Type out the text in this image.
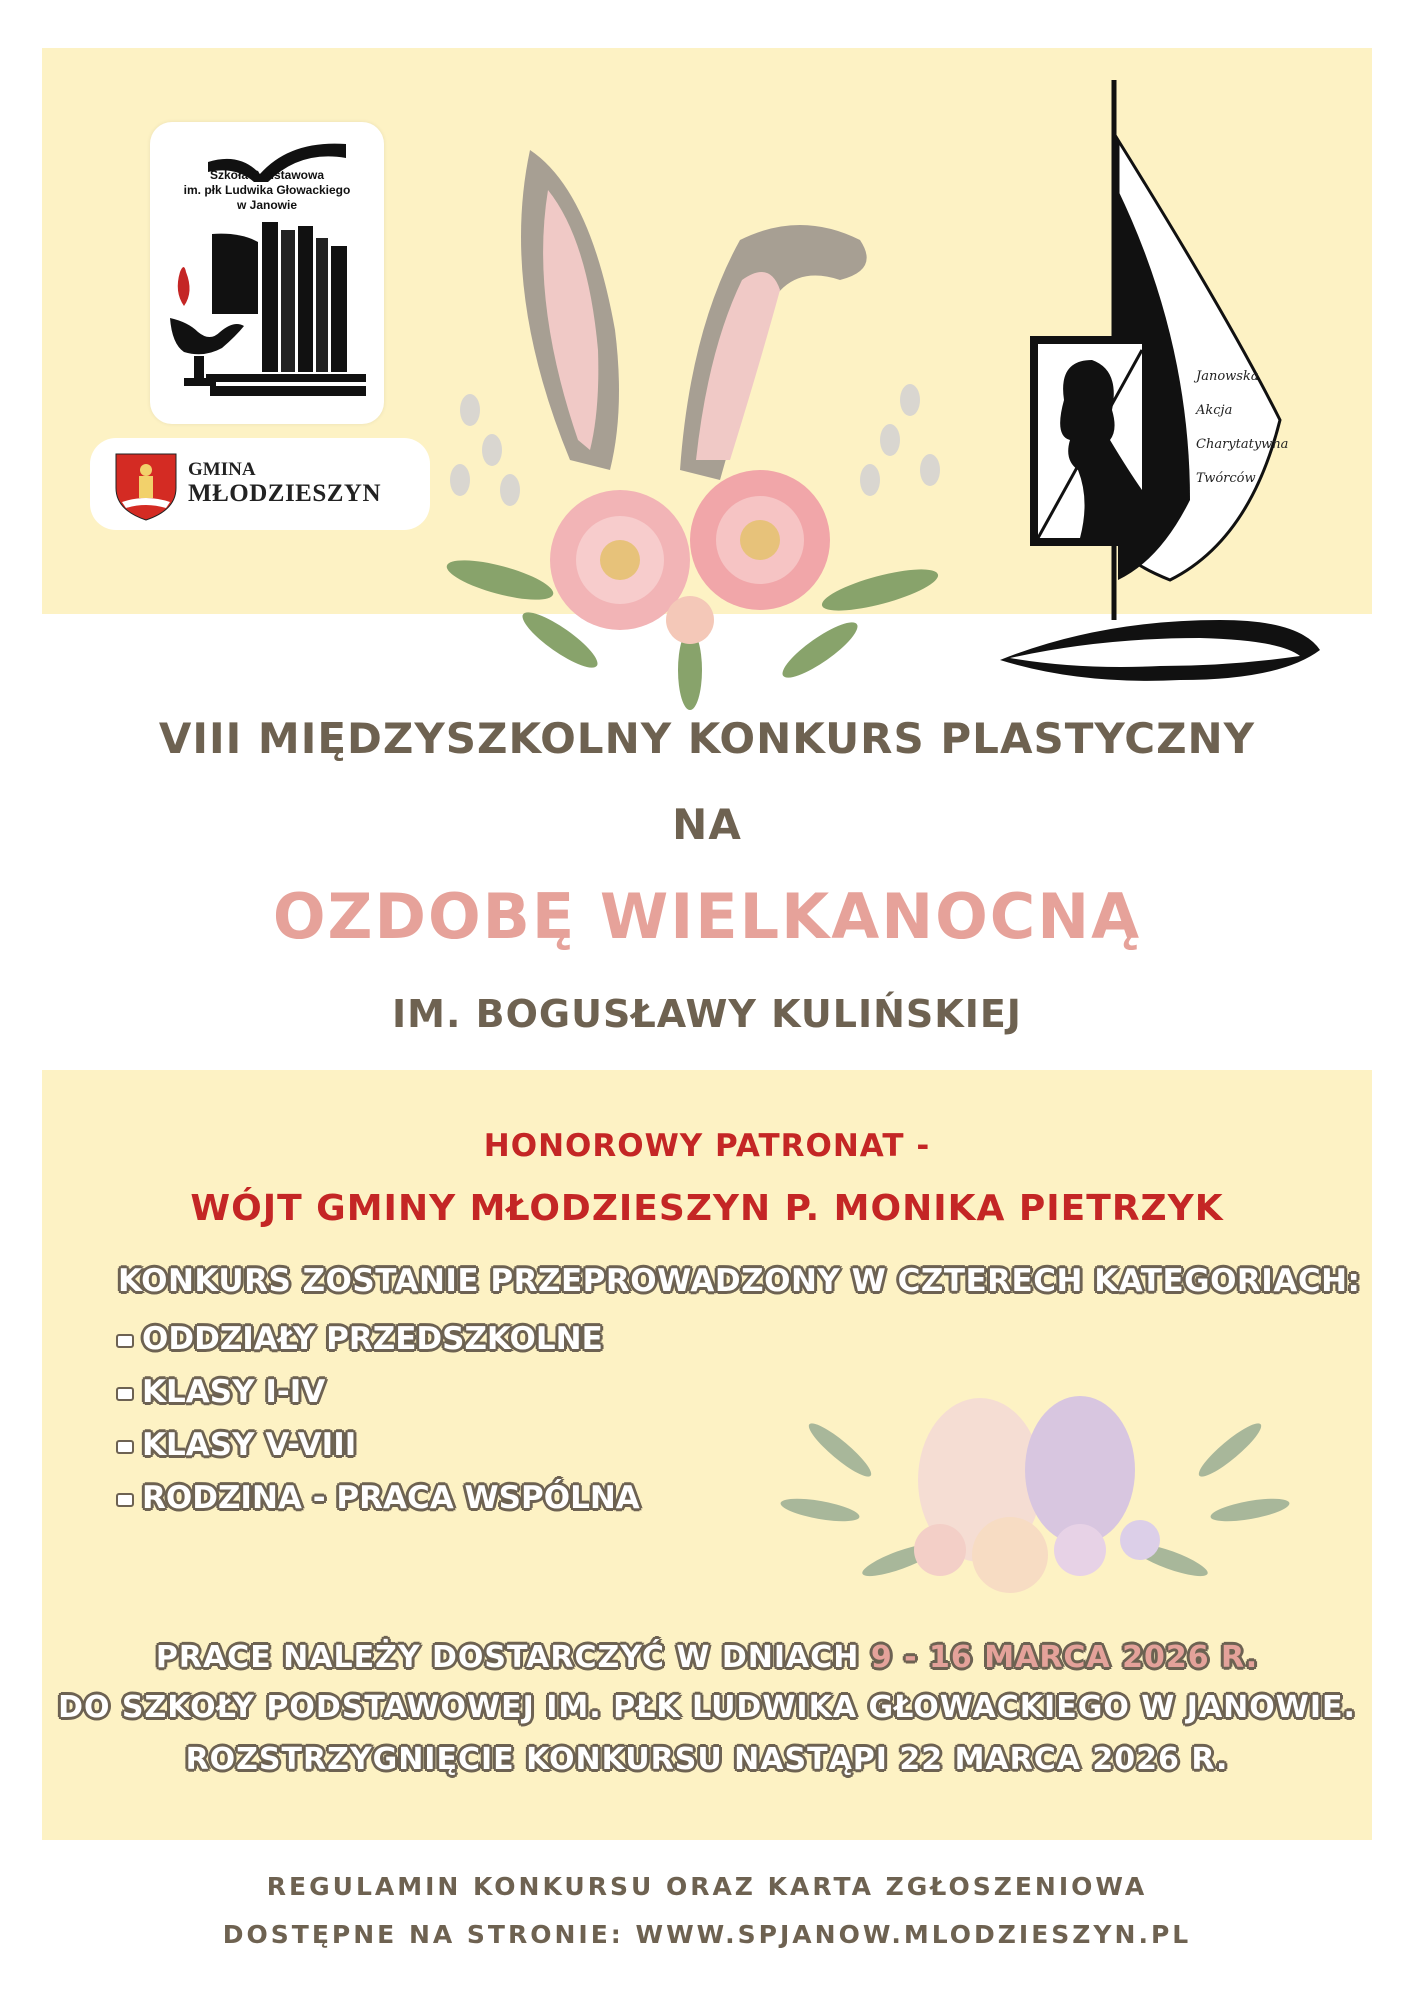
Szkoła Podstawowa
im. płk Ludwika Głowackiego
w Janowie
GMINA
MŁODZIESZYN
Janowska
Akcja
Charytatywna
Twórców
VIII MIĘDZYSZKOLNY KONKURS PLASTYCZNY
NA
OZDOBĘ WIELKANOCNĄ
IM. BOGUSŁAWY KULIŃSKIEJ
HONOROWY PATRONAT -
WÓJT GMINY MŁODZIESZYN P. MONIKA PIETRZYK
KONKURS ZOSTANIE PRZEPROWADZONY W CZTERECH KATEGORIACH:
ODDZIAŁY PRZEDSZKOLNE
KLASY I-IV
KLASY V-VIII
RODZINA - PRACA WSPÓLNA
PRACE NALEŻY DOSTARCZYĆ W DNIACH 9 - 16 MARCA 2026 R.
DO SZKOŁY PODSTAWOWEJ IM. PŁK LUDWIKA GŁOWACKIEGO W JANOWIE.
ROZSTRZYGNIĘCIE KONKURSU NASTĄPI 22 MARCA 2026 R.
REGULAMIN KONKURSU ORAZ KARTA ZGŁOSZENIOWA
DOSTĘPNE NA STRONIE: WWW.SPJANOW.MLODZIESZYN.PL
